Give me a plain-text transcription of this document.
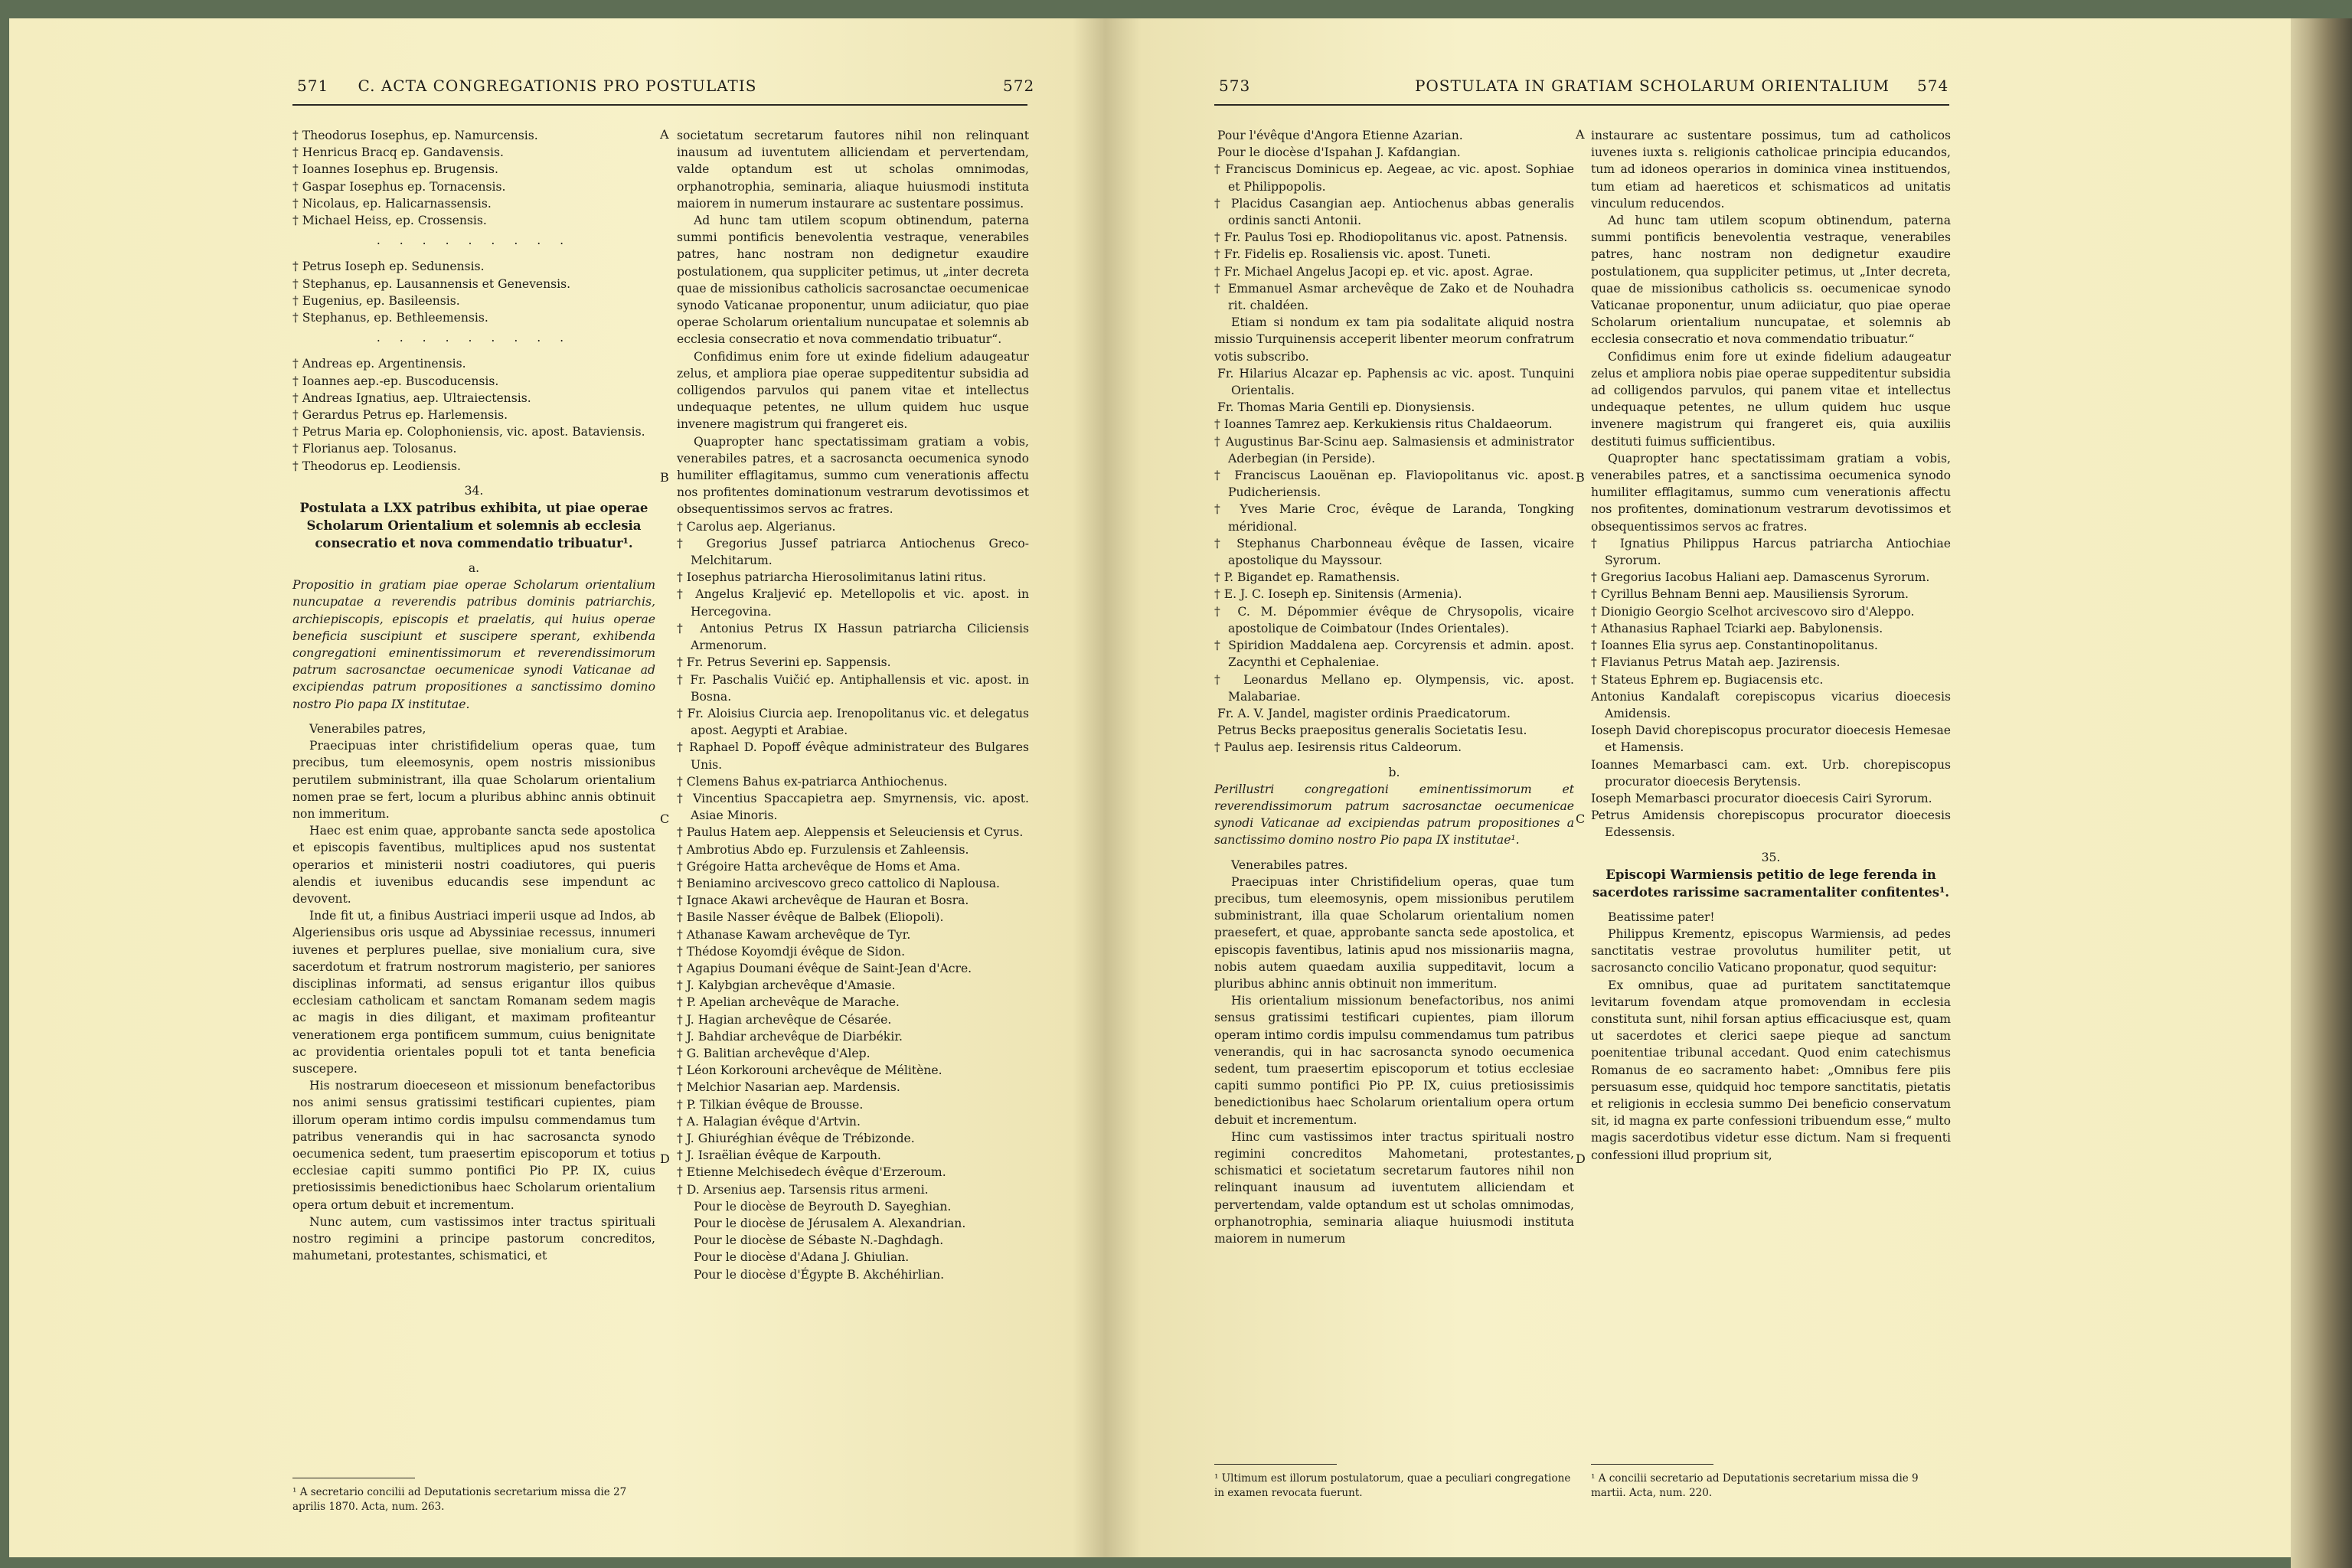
571	C. ACTA CONGREGATIONIS PRO POSTULATIS	572

† Theodorus Iosephus, ep. Namurcensis.

† Henricus Bracq ep. Gandavensis.

† Ioannes Iosephus ep. Brugensis.

† Gaspar Iosephus ep. Tornacensis.

† Nicolaus, ep. Halicarnassensis.

† Michael Heiss, ep. Crossensis.

. . . . . . . . .

† Petrus Ioseph ep. Sedunensis.

† Stephanus, ep. Lausannensis et Genevensis.

† Eugenius, ep. Basileensis.

† Stephanus, ep. Bethleemensis.

. . . . . . . . .

† Andreas ep. Argentinensis.

† Ioannes aep.-ep. Buscoducensis.

† Andreas Ignatius, aep. Ultraiectensis.

† Gerardus Petrus ep. Harlemensis.

† Petrus Maria ep. Colophoniensis, vic. apost. Bataviensis.

† Florianus aep. Tolosanus.

† Theodorus ep. Leodiensis.

34.

Postulata a LXX patribus exhibita, ut piae operae Scholarum Orientalium et solemnis ab ecclesia consecratio et nova commendatio tribuatur¹.

a.

Propositio in gratiam piae operae Scholarum orientalium nuncupatae a reverendis patribus dominis patriarchis, archiepiscopis, episcopis et praelatis, qui huius operae beneficia suscipiunt et suscipere sperant, exhibenda congregationi eminentissimorum et reverendissimorum patrum sacrosanctae oecumenicae synodi Vaticanae ad excipiendas patrum propositiones a sanctissimo domino nostro Pio papa IX institutae.

Venerabiles patres,

Praecipuas inter christifidelium operas quae, tum precibus, tum eleemosynis, opem nostris missionibus perutilem subministrant, illa quae Scholarum orientalium nomen prae se fert, locum a pluribus abhinc annis obtinuit non immeritum.

Haec est enim quae, approbante sancta sede apostolica et episcopis faventibus, multiplices apud nos sustentat operarios et ministerii nostri coadiutores, qui pueris alendis et iuvenibus educandis sese impendunt ac devovent.

Inde fit ut, a finibus Austriaci imperii usque ad Indos, ab Algeriensibus oris usque ad Abyssiniae recessus, innumeri iuvenes et perplures puellae, sive monialium cura, sive sacerdotum et fratrum nostrorum magisterio, per saniores disciplinas informati, ad sensus erigantur illos quibus ecclesiam catholicam et sanctam Romanam sedem magis ac magis in dies diligant, et maximam profiteantur venerationem erga pontificem summum, cuius benignitate ac providentia orientales populi tot et tanta beneficia suscepere.

His nostrarum dioeceseon et missionum benefactoribus nos animi sensus gratissimi testificari cupientes, piam illorum operam intimo cordis impulsu commendamus tum patribus venerandis qui in hac sacrosancta synodo oecumenica sedent, tum praesertim episcoporum et totius ecclesiae capiti summo pontifici Pio PP. IX, cuius pretiosissimis benedictionibus haec Scholarum orientalium opera ortum debuit et incrementum.

Nunc autem, cum vastissimos inter tractus spirituali nostro regimini a principe pastorum concreditos, mahumetani, protestantes, schismatici, et

¹ A secretario concilii ad Deputationis secretarium missa die 27 aprilis 1870. Acta, num. 263.

A
B
C
D

societatum secretarum fautores nihil non relinquant inausum ad iuventutem alliciendam et pervertendam, valde optandum est ut scholas omnimodas, orphanotrophia, seminaria, aliaque huiusmodi instituta maiorem in numerum instaurare ac sustentare possimus.

Ad hunc tam utilem scopum obtinendum, paterna summi pontificis benevolentia vestraque, venerabiles patres, hanc nostram non dedignetur exaudire postulationem, qua suppliciter petimus, ut „inter decreta quae de missionibus catholicis sacrosanctae oecumenicae synodo Vaticanae proponentur, unum adiiciatur, quo piae operae Scholarum orientalium nuncupatae et solemnis ab ecclesia consecratio et nova commendatio tribuatur“.

Confidimus enim fore ut exinde fidelium adaugeatur zelus, et ampliora piae operae suppeditentur subsidia ad colligendos parvulos qui panem vitae et intellectus undequaque petentes, ne ullum quidem huc usque invenere magistrum qui frangeret eis.

Quapropter hanc spectatissimam gratiam a vobis, venerabiles patres, et a sacrosancta oecumenica synodo humiliter efflagitamus, summo cum venerationis affectu nos profitentes dominationum vestrarum devotissimos et obsequentissimos servos ac fratres.

† Carolus aep. Algerianus.

† Gregorius Jussef patriarca Antiochenus Greco-Melchitarum.

† Iosephus patriarcha Hierosolimitanus latini ritus.

† Angelus Kraljević ep. Metellopolis et vic. apost. in Hercegovina.

† Antonius Petrus IX Hassun patriarcha Ciliciensis Armenorum.

† Fr. Petrus Severini ep. Sappensis.

† Fr. Paschalis Vuičić ep. Antiphallensis et vic. apost. in Bosna.

† Fr. Aloisius Ciurcia aep. Irenopolitanus vic. et delegatus apost. Aegypti et Arabiae.

† Raphael D. Popoff évêque administrateur des Bulgares Unis.

† Clemens Bahus ex-patriarca Anthiochenus.

† Vincentius Spaccapietra aep. Smyrnensis, vic. apost. Asiae Minoris.

† Paulus Hatem aep. Aleppensis et Seleuciensis et Cyrus.

† Ambrotius Abdo ep. Furzulensis et Zahleensis.

† Grégoire Hatta archevêque de Homs et Ama.

† Beniamino arcivescovo greco cattolico di Naplousa.

† Ignace Akawi archevêque de Hauran et Bosra.

† Basile Nasser évêque de Balbek (Eliopoli).

† Athanase Kawam archevêque de Tyr.

† Thédose Koyomdji évêque de Sidon.

† Agapius Doumani évêque de Saint-Jean d'Acre.

† J. Kalybgian archevêque d'Amasie.

† P. Apelian archevêque de Marache.

† J. Hagian archevêque de Césarée.

† J. Bahdiar archevêque de Diarbékir.

† G. Balitian archevêque d'Alep.

† Léon Korkorouni archevêque de Mélitène.

† Melchior Nasarian aep. Mardensis.

† P. Tilkian évêque de Brousse.

† A. Halagian évêque d'Artvin.

† J. Ghiuréghian évêque de Trébizonde.

† J. Israëlian évêque de Karpouth.

† Etienne Melchisedech évêque d'Erzeroum.

† D. Arsenius aep. Tarsensis ritus armeni.

Pour le diocèse de Beyrouth D. Sayeghian.

Pour le diocèse de Jérusalem A. Alexandrian.

Pour le diocèse de Sébaste N.-Daghdagh.

Pour le diocèse d'Adana J. Ghiulian.

Pour le diocèse d'Égypte B. Akchéhirlian.

573	POSTULATA IN GRATIAM SCHOLARUM ORIENTALIUM	574

Pour l'évêque d'Angora Etienne Azarian.

Pour le diocèse d'Ispahan J. Kafdangian.

† Franciscus Dominicus ep. Aegeae, ac vic. apost. Sophiae et Philippopolis.

† Placidus Casangian aep. Antiochenus abbas generalis ordinis sancti Antonii.

† Fr. Paulus Tosi ep. Rhodiopolitanus vic. apost. Patnensis.

† Fr. Fidelis ep. Rosaliensis vic. apost. Tuneti.

† Fr. Michael Angelus Jacopi ep. et vic. apost. Agrae.

† Emmanuel Asmar archevêque de Zako et de Nouhadra rit. chaldéen.

Etiam si nondum ex tam pia sodalitate aliquid nostra missio Turquinensis acceperit libenter meorum confratrum votis subscribo.

Fr. Hilarius Alcazar ep. Paphensis ac vic. apost. Tunquini Orientalis.

Fr. Thomas Maria Gentili ep. Dionysiensis.

† Ioannes Tamrez aep. Kerkukiensis ritus Chaldaeorum.

† Augustinus Bar-Scinu aep. Salmasiensis et administrator Aderbegian (in Perside).

† Franciscus Laouënan ep. Flaviopolitanus vic. apost. Pudicheriensis.

† Yves Marie Croc, évêque de Laranda, Tongking méridional.

† Stephanus Charbonneau évêque de Iassen, vicaire apostolique du Mayssour.

† P. Bigandet ep. Ramathensis.

† E. J. C. Ioseph ep. Sinitensis (Armenia).

† C. M. Dépommier évêque de Chrysopolis, vicaire apostolique de Coimbatour (Indes Orientales).

† Spiridion Maddalena aep. Corcyrensis et admin. apost. Zacynthi et Cephaleniae.

† Leonardus Mellano ep. Olympensis, vic. apost. Malabariae.

Fr. A. V. Jandel, magister ordinis Praedicatorum.

Petrus Becks praepositus generalis Societatis Iesu.

† Paulus aep. Iesirensis ritus Caldeorum.

b.

Perillustri congregationi eminentissimorum et reverendissimorum patrum sacrosanctae oecumenicae synodi Vaticanae ad excipiendas patrum propositiones a sanctissimo domino nostro Pio papa IX institutae¹.

Venerabiles patres.

Praecipuas inter Christifidelium operas, quae tum precibus, tum eleemosynis, opem missionibus perutilem subministrant, illa quae Scholarum orientalium nomen praesefert, et quae, approbante sancta sede apostolica, et episcopis faventibus, latinis apud nos missionariis magna, nobis autem quaedam auxilia suppeditavit, locum a pluribus abhinc annis obtinuit non immeritum.

His orientalium missionum benefactoribus, nos animi sensus gratissimi testificari cupientes, piam illorum operam intimo cordis impulsu commendamus tum patribus venerandis, qui in hac sacrosancta synodo oecumenica sedent, tum praesertim episcoporum et totius ecclesiae capiti summo pontifici Pio PP. IX, cuius pretiosissimis benedictionibus haec Scholarum orientalium opera ortum debuit et incrementum.

Hinc cum vastissimos inter tractus spirituali nostro regimini concreditos Mahometani, protestantes, schismatici et societatum secretarum fautores nihil non relinquant inausum ad iuventutem alliciendam et pervertendam, valde optandum est ut scholas omnimodas, orphanotrophia, seminaria aliaque huiusmodi instituta maiorem in numerum

¹ Ultimum est illorum postulatorum, quae a peculiari congregatione in examen revocata fuerunt.

A
B
C
D

instaurare ac sustentare possimus, tum ad catholicos iuvenes iuxta s. religionis catholicae principia educandos, tum ad idoneos operarios in dominica vinea instituendos, tum etiam ad haereticos et schismaticos ad unitatis vinculum reducendos.

Ad hunc tam utilem scopum obtinendum, paterna summi pontificis benevolentia vestraque, venerabiles patres, hanc nostram non dedignetur exaudire postulationem, qua suppliciter petimus, ut „Inter decreta, quae de missionibus catholicis ss. oecumenicae synodo Vaticanae proponentur, unum adiiciatur, quo piae operae Scholarum orientalium nuncupatae, et solemnis ab ecclesia consecratio et nova commendatio tribuatur.“

Confidimus enim fore ut exinde fidelium adaugeatur zelus et ampliora nobis piae operae suppeditentur subsidia ad colligendos parvulos, qui panem vitae et intellectus undequaque petentes, ne ullum quidem huc usque invenere magistrum qui frangeret eis, quia auxiliis destituti fuimus sufficientibus.

Quapropter hanc spectatissimam gratiam a vobis, venerabiles patres, et a sanctissima oecumenica synodo humiliter efflagitamus, summo cum venerationis affectu nos profitentes, dominationum vestrarum devotissimos et obsequentissimos servos ac fratres.

† Ignatius Philippus Harcus patriarcha Antiochiae Syrorum.

† Gregorius Iacobus Haliani aep. Damascenus Syrorum.

† Cyrillus Behnam Benni aep. Mausiliensis Syrorum.

† Dionigio Georgio Scelhot arcivescovo siro d'Aleppo.

† Athanasius Raphael Tciarki aep. Babylonensis.

† Ioannes Elia syrus aep. Constantinopolitanus.

† Flavianus Petrus Matah aep. Jazirensis.

† Stateus Ephrem ep. Bugiacensis etc.

Antonius Kandalaft corepiscopus vicarius dioecesis Amidensis.

Ioseph David chorepiscopus procurator dioecesis Hemesae et Hamensis.

Ioannes Memarbasci cam. ext. Urb. chorepiscopus procurator dioecesis Berytensis.

Ioseph Memarbasci procurator dioecesis Cairi Syrorum.

Petrus Amidensis chorepiscopus procurator dioecesis Edessensis.

35.

Episcopi Warmiensis petitio de lege ferenda in sacerdotes rarissime sacramentaliter confitentes¹.

Beatissime pater!

Philippus Krementz, episcopus Warmiensis, ad pedes sanctitatis vestrae provolutus humiliter petit, ut sacrosancto concilio Vaticano proponatur, quod sequitur:

Ex omnibus, quae ad puritatem sanctitatemque levitarum fovendam atque promovendam in ecclesia constituta sunt, nihil forsan aptius efficaciusque est, quam ut sacerdotes et clerici saepe pieque ad sanctum poenitentiae tribunal accedant. Quod enim catechismus Romanus de eo sacramento habet: „Omnibus fere piis persuasum esse, quidquid hoc tempore sanctitatis, pietatis et religionis in ecclesia summo Dei beneficio conservatum sit, id magna ex parte confessioni tribuendum esse,“ multo magis sacerdotibus videtur esse dictum. Nam si frequenti confessioni illud proprium sit,

¹ A concilii secretario ad Deputationis secretarium missa die 9 martii. Acta, num. 220.
